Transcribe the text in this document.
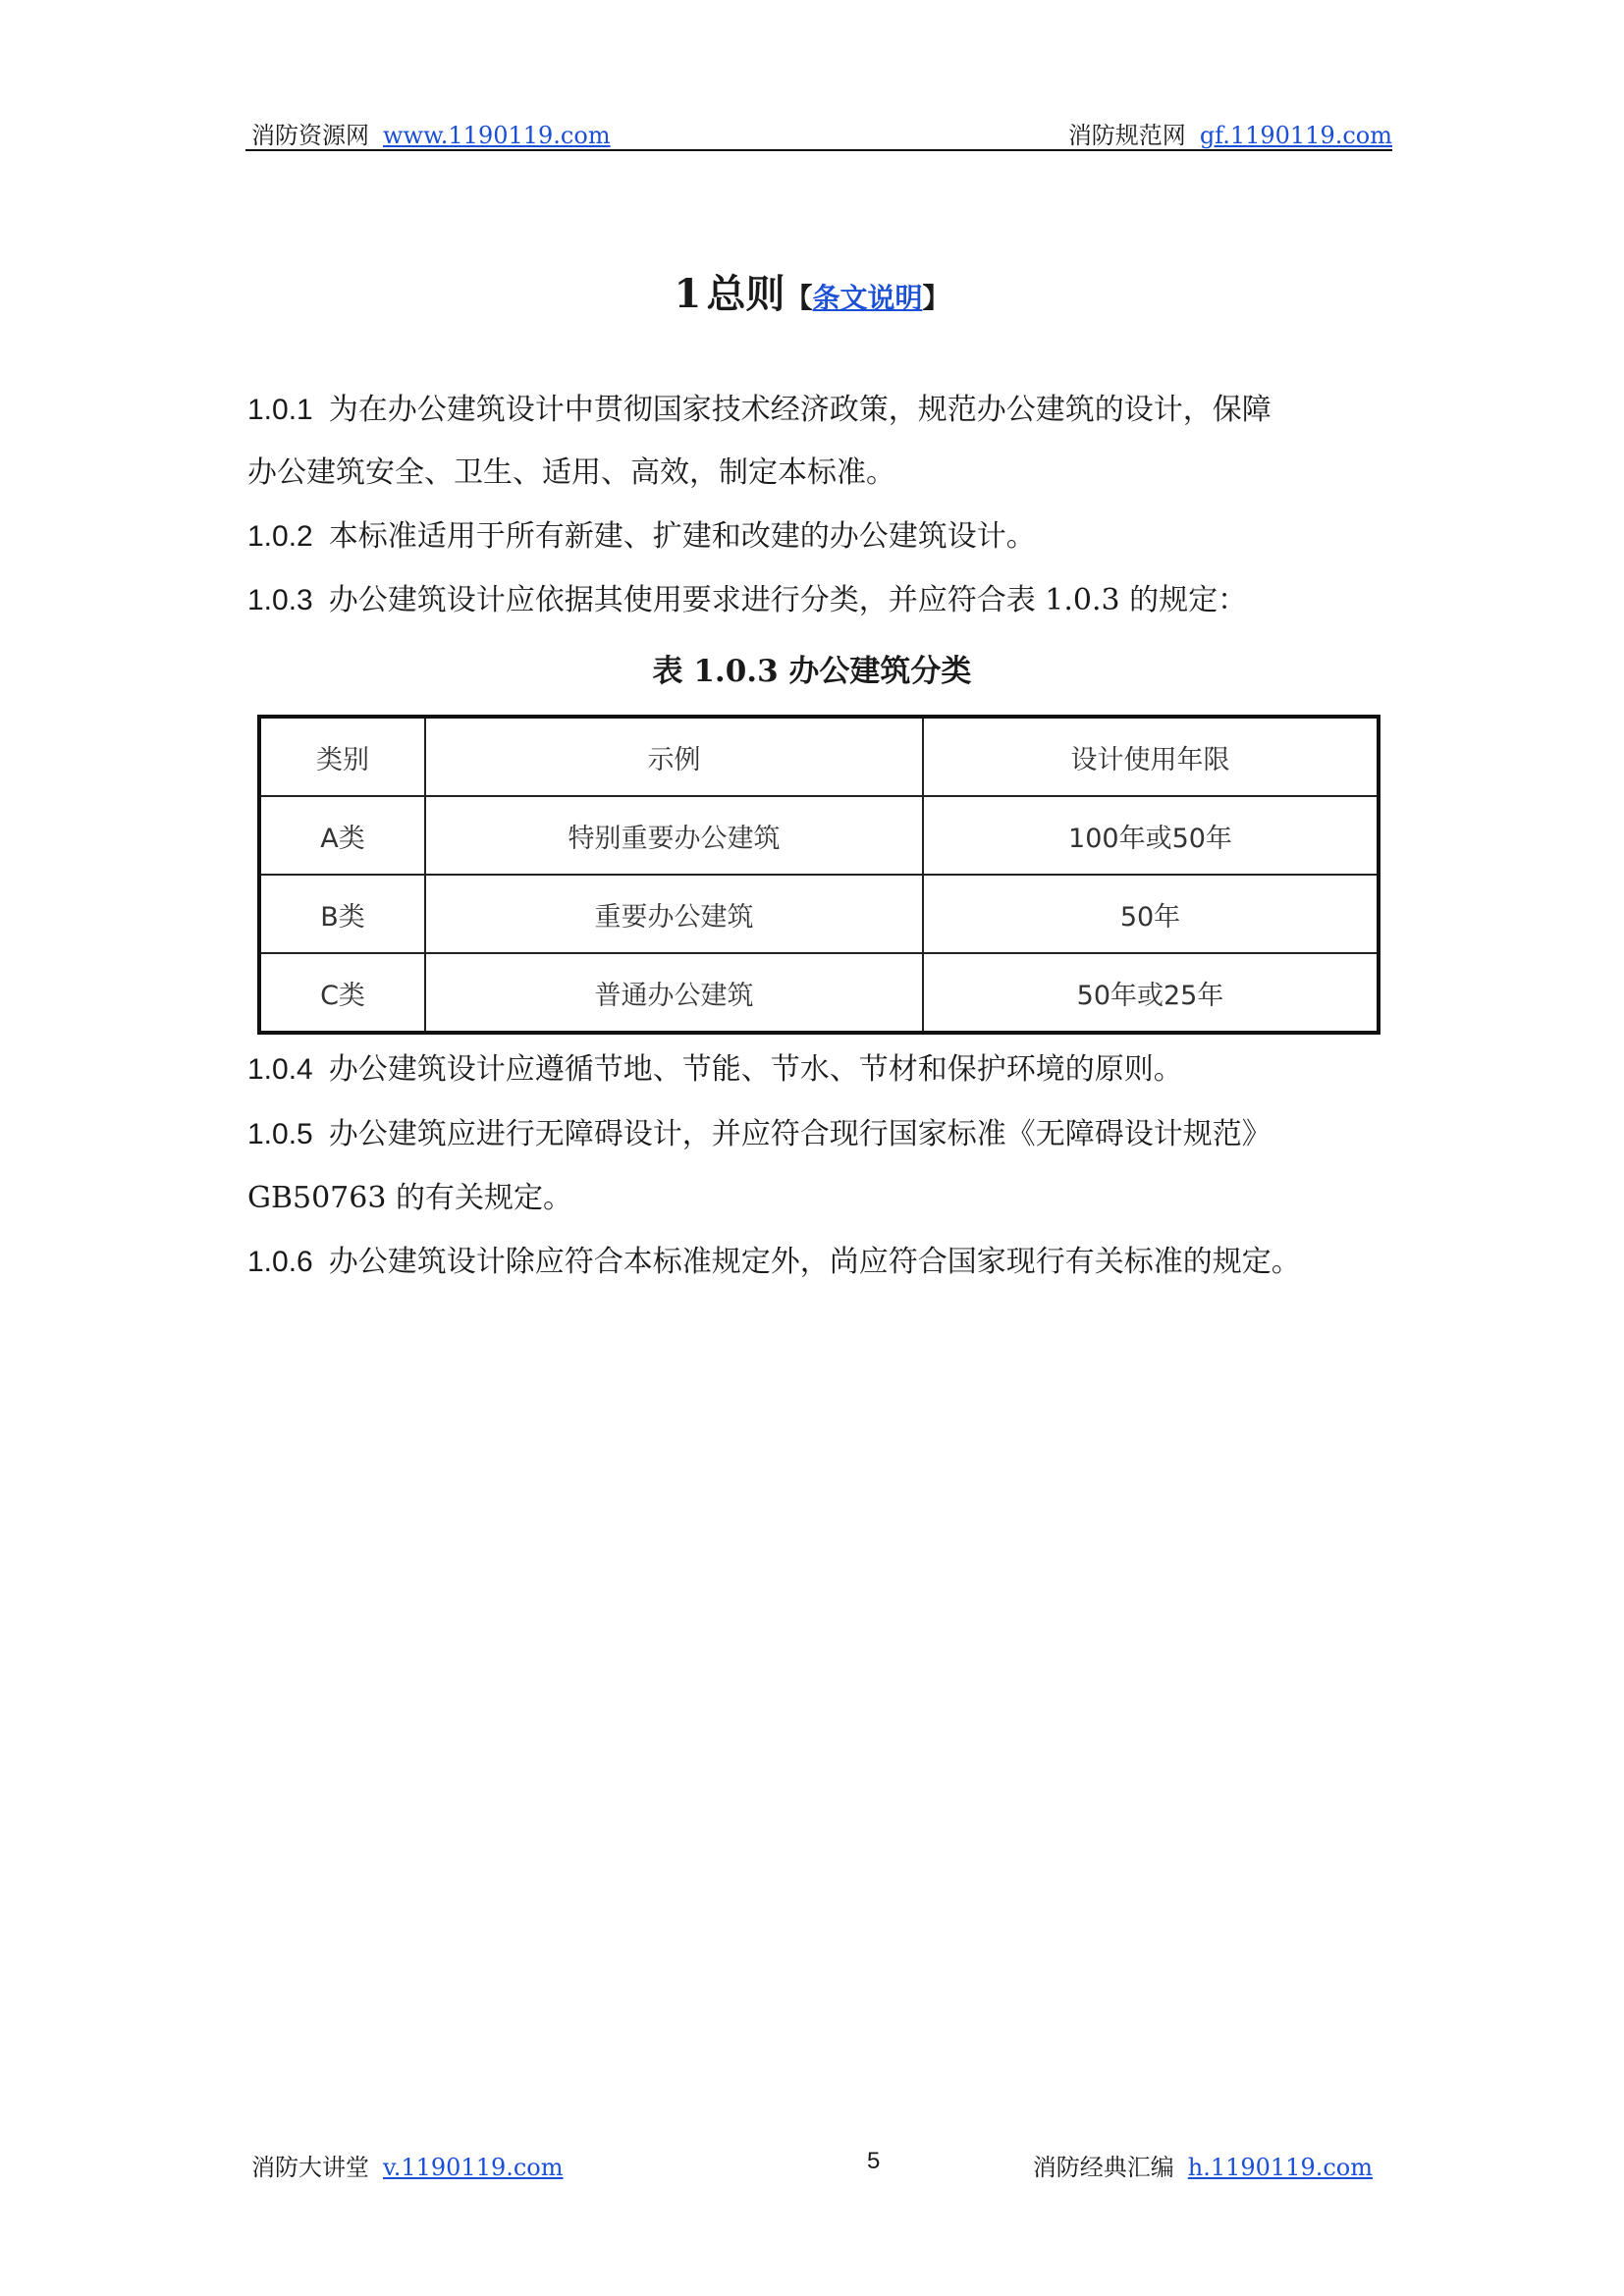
消防资源网 www.1190119.com	消防规范网 gf.1190119.com
1 总则【条文说明】
1.0.1 为在办公建筑设计中贯彻国家技术经济政策，规范办公建筑的设计，保障
办公建筑安全、卫生、适用、高效，制定本标准。
1.0.2 本标准适用于所有新建、扩建和改建的办公建筑设计。
1.0.3 办公建筑设计应依据其使用要求进行分类，并应符合表 1.0.3 的规定：
表 1.0.3 办公建筑分类
类别	示例	设计使用年限
A类	特别重要办公建筑	100年或50年
B类	重要办公建筑	50年
C类	普通办公建筑	50年或25年
1.0.4 办公建筑设计应遵循节地、节能、节水、节材和保护环境的原则。
1.0.5 办公建筑应进行无障碍设计，并应符合现行国家标准《无障碍设计规范》
GB50763 的有关规定。
1.0.6 办公建筑设计除应符合本标准规定外，尚应符合国家现行有关标准的规定。
消防大讲堂 v.1190119.com	5	消防经典汇编 h.1190119.com
